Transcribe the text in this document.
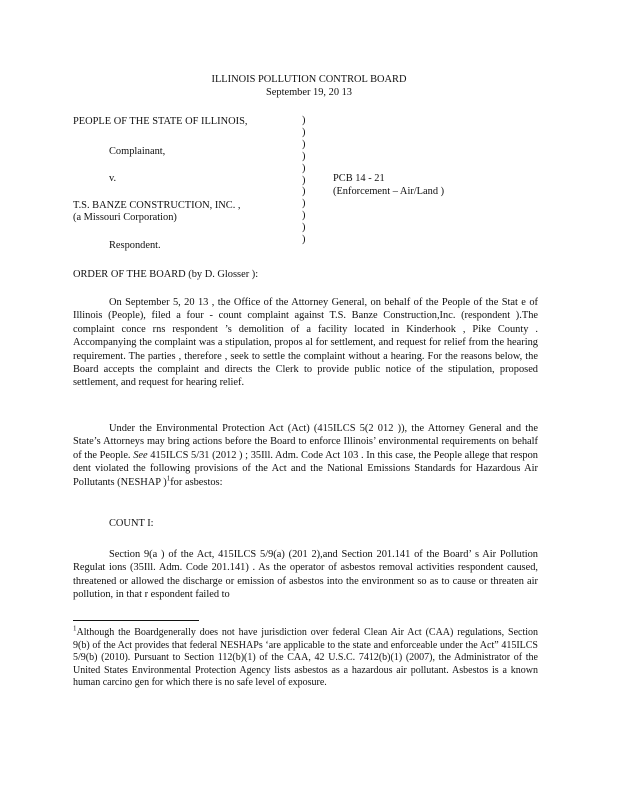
ILLINOIS POLLUTION CONTROL BOARD
September 19, 20 13
PEOPLE OF THE STATE OF ILLINOIS,
Complainant,
v.
T.S. BANZE CONSTRUCTION, INC. ,
(a Missouri Corporation)
Respondent.
)
)
)
)
)
)
)
)
)
)
)
PCB 14 - 21
(Enforcement – Air/Land )
ORDER OF THE BOARD (by D. Glosser ):
On September 5, 20 13 , the Office of the Attorney General, on behalf of the People of the Stat e of Illinois (People), filed a four - count complaint against T.S. Banze Construction,Inc. (respondent ).The complaint conce rns respondent ’s demolition of a facility located in Kinderhook , Pike County . Accompanying the complaint was a stipulation, propos al for settlement, and request for relief from the hearing requirement. The parties , therefore , seek to settle the complaint without a hearing. For the reasons below, the Board accepts the complaint and directs the Clerk to provide public notice of the stipulation, proposed settlement, and request for hearing relief.
Under the Environmental Protection Act (Act) (415ILCS 5(2 012 )), the Attorney General and the State’s Attorneys may bring actions before the Board to enforce Illinois’ environmental requirements on behalf of the People. See 415ILCS 5/31 (2012 ) ; 35Ill. Adm. Code Act 103 . In this case, the People allege that respon dent violated the following provisions of the Act and the National Emissions Standards for Hazardous Air Pollutants (NESHAP )$^1$for asbestos:
COUNT I:
Section 9(a ) of the Act, 415ILCS 5/9(a) (201 2),and Section 201.141 of the Board’ s Air Pollution Regulat ions (35Ill. Adm. Code 201.141) . As the operator of asbestos removal activities respondent caused, threatened or allowed the discharge or emission of asbestos into the environment so as to cause or threaten air pollution, in that r espondent failed to
$^1$Although the Boardgenerally does not have jurisdiction over federal Clean Air Act (CAA) regulations, Section 9(b) of the Act provides that federal NESHAPs ‘are applicable to the state and enforceable under the Act” 415ILCS 5/9(b) (2010). Pursuant to Section 112(b)(1) of the CAA, 42 U.S.C. 7412(b)(1) (2007), the Administrator of the United States Environmental Protection Agency lists asbestos as a hazardous air pollutant. Asbestos is a known human carcino gen for which there is no safe level of exposure.
